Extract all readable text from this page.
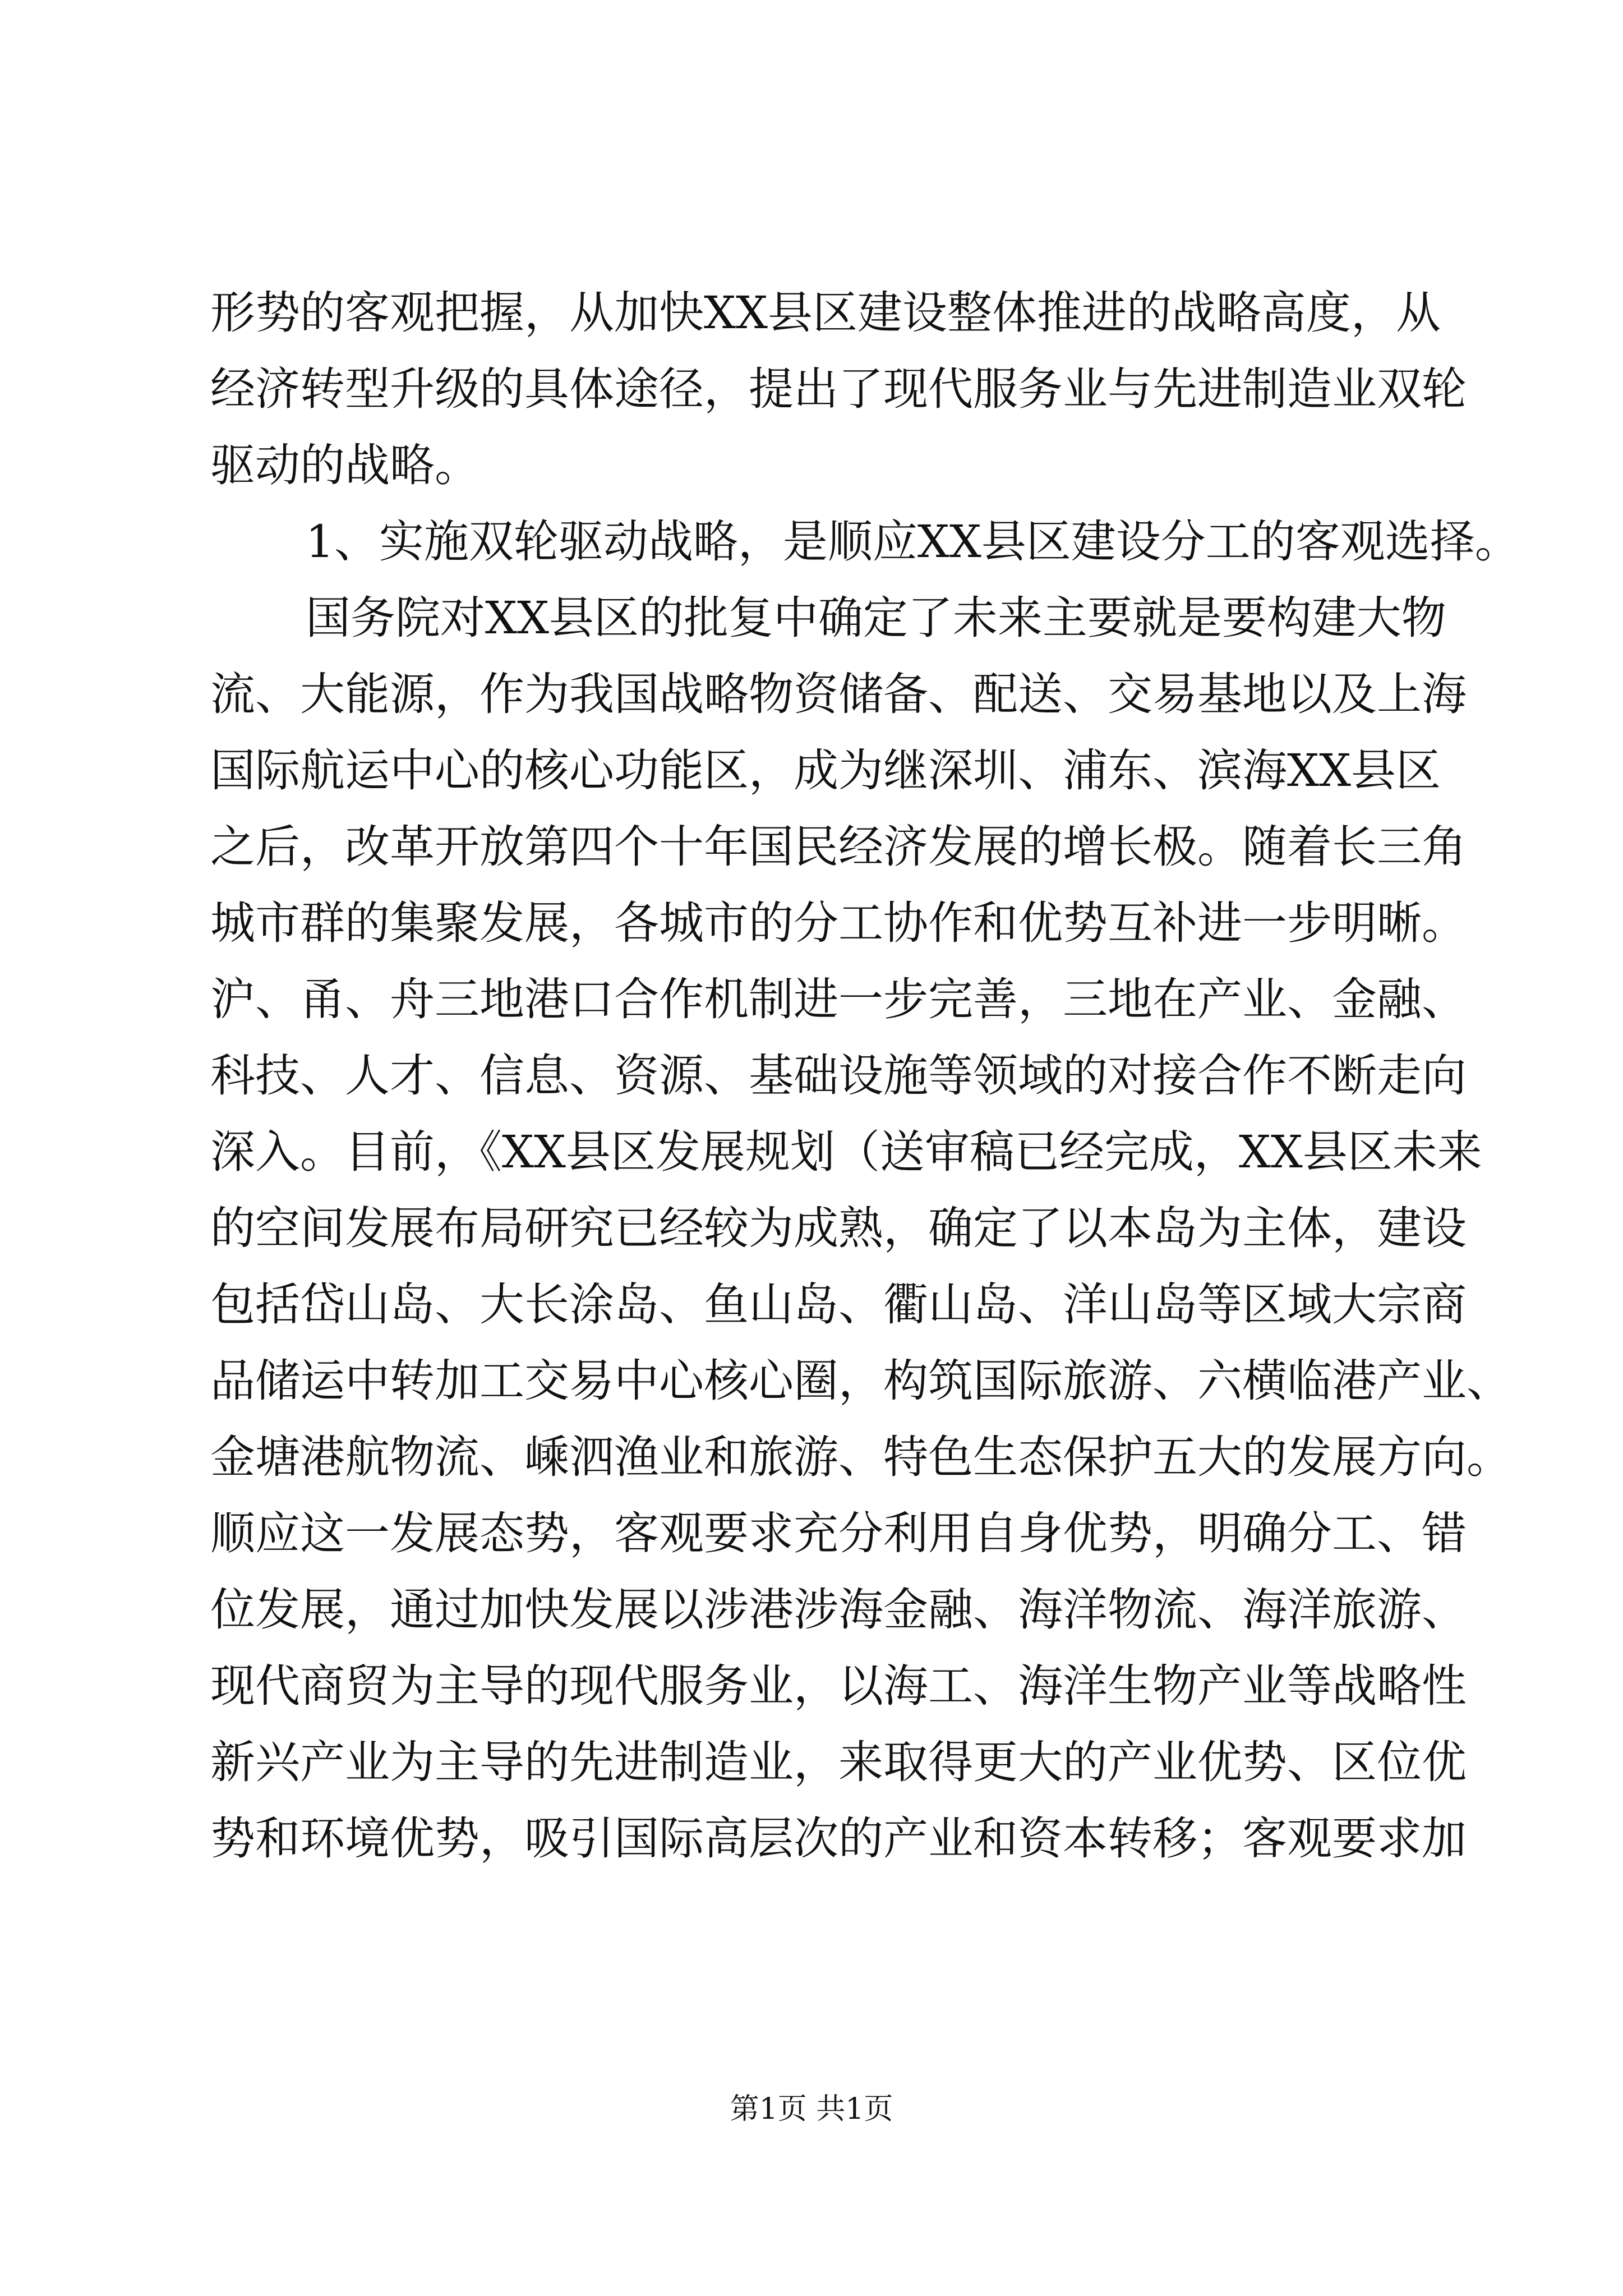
形势的客观把握，从加快XX县区建设整体推进的战略高度，从
经济转型升级的具体途径，提出了现代服务业与先进制造业双轮
驱动的战略。
1、实施双轮驱动战略，是顺应XX县区建设分工的客观选择。
国务院对XX县区的批复中确定了未来主要就是要构建大物
流、大能源，作为我国战略物资储备、配送、交易基地以及上海
国际航运中心的核心功能区，成为继深圳、浦东、滨海XX县区
之后，改革开放第四个十年国民经济发展的增长极。随着长三角
城市群的集聚发展，各城市的分工协作和优势互补进一步明晰。
沪、甬、舟三地港口合作机制进一步完善，三地在产业、金融、
科技、人才、信息、资源、基础设施等领域的对接合作不断走向
深入。目前，《XX县区发展规划（送审稿已经完成，XX县区未来
的空间发展布局研究已经较为成熟，确定了以本岛为主体，建设
包括岱山岛、大长涂岛、鱼山岛、衢山岛、洋山岛等区域大宗商
品储运中转加工交易中心核心圈，构筑国际旅游、六横临港产业、
金塘港航物流、嵊泗渔业和旅游、特色生态保护五大的发展方向。
顺应这一发展态势，客观要求充分利用自身优势，明确分工、错
位发展，通过加快发展以涉港涉海金融、海洋物流、海洋旅游、
现代商贸为主导的现代服务业，以海工、海洋生物产业等战略性
新兴产业为主导的先进制造业，来取得更大的产业优势、区位优
势和环境优势，吸引国际高层次的产业和资本转移；客观要求加
第1页 共1页
